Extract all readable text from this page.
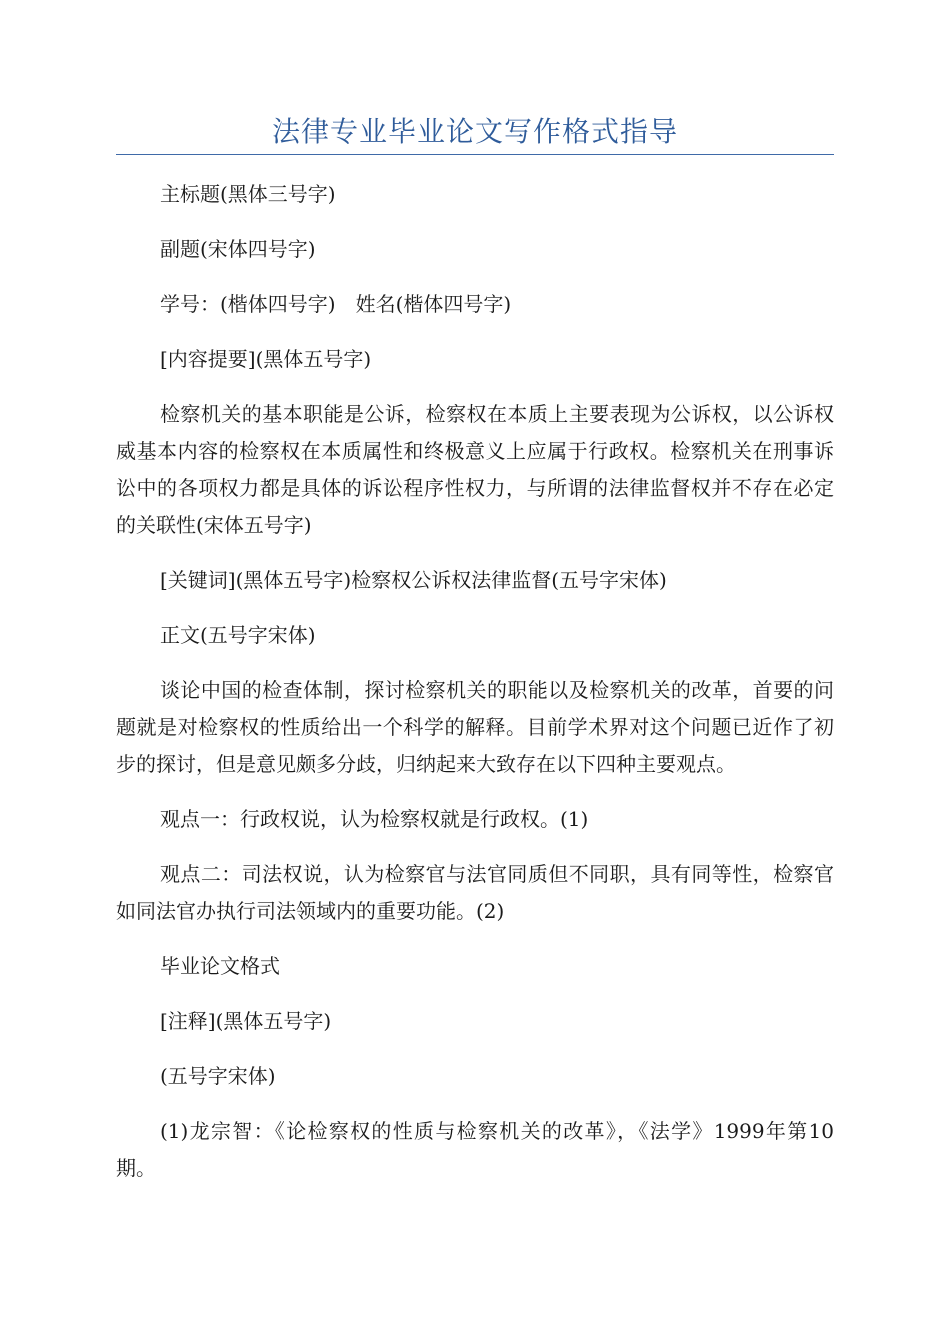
法律专业毕业论文写作格式指导

主标题(黑体三号字)

副题(宋体四号字)

学号：(楷体四号字)　姓名(楷体四号字)

[内容提要](黑体五号字)

检察机关的基本职能是公诉，检察权在本质上主要表现为公诉权，以公诉权威基本内容的检察权在本质属性和终极意义上应属于行政权。检察机关在刑事诉讼中的各项权力都是具体的诉讼程序性权力，与所谓的法律监督权并不存在必定的关联性(宋体五号字)

[关键词](黑体五号字)检察权公诉权法律监督(五号字宋体)

正文(五号字宋体)

谈论中国的检查体制，探讨检察机关的职能以及检察机关的改革，首要的问题就是对检察权的性质给出一个科学的解释。目前学术界对这个问题已近作了初步的探讨，但是意见颇多分歧，归纳起来大致存在以下四种主要观点。

观点一：行政权说，认为检察权就是行政权。(1)

观点二：司法权说，认为检察官与法官同质但不同职，具有同等性，检察官如同法官办执行司法领域内的重要功能。(2)

毕业论文格式

[注释](黑体五号字)

(五号字宋体)

(1)龙宗智：《论检察权的性质与检察机关的改革》，《法学》1999年第10期。
